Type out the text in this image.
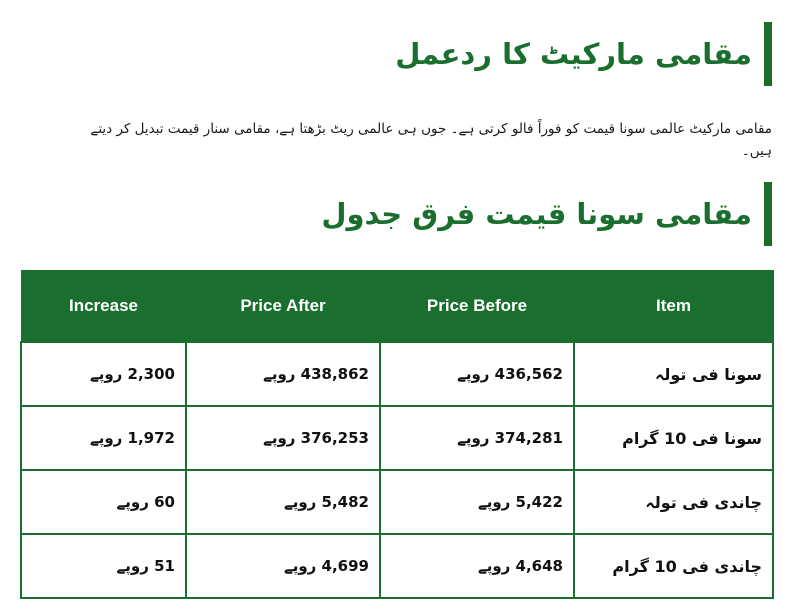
مقامی مارکیٹ کا ردعمل

مقامی مارکیٹ عالمی سونا قیمت کو فوراً فالو کرتی ہے۔ جوں ہی عالمی ریٹ بڑھتا ہے، مقامی سنار قیمت تبدیل کر دیتے ہیں۔

مقامی سونا قیمت فرق جدول
Increase	Price After	Price Before	Item
2,300 روپے	438,862 روپے	436,562 روپے	سونا فی تولہ
1,972 روپے	376,253 روپے	374,281 روپے	سونا فی 10 گرام
60 روپے	5,482 روپے	5,422 روپے	چاندی فی تولہ
51 روپے	4,699 روپے	4,648 روپے	چاندی فی 10 گرام
